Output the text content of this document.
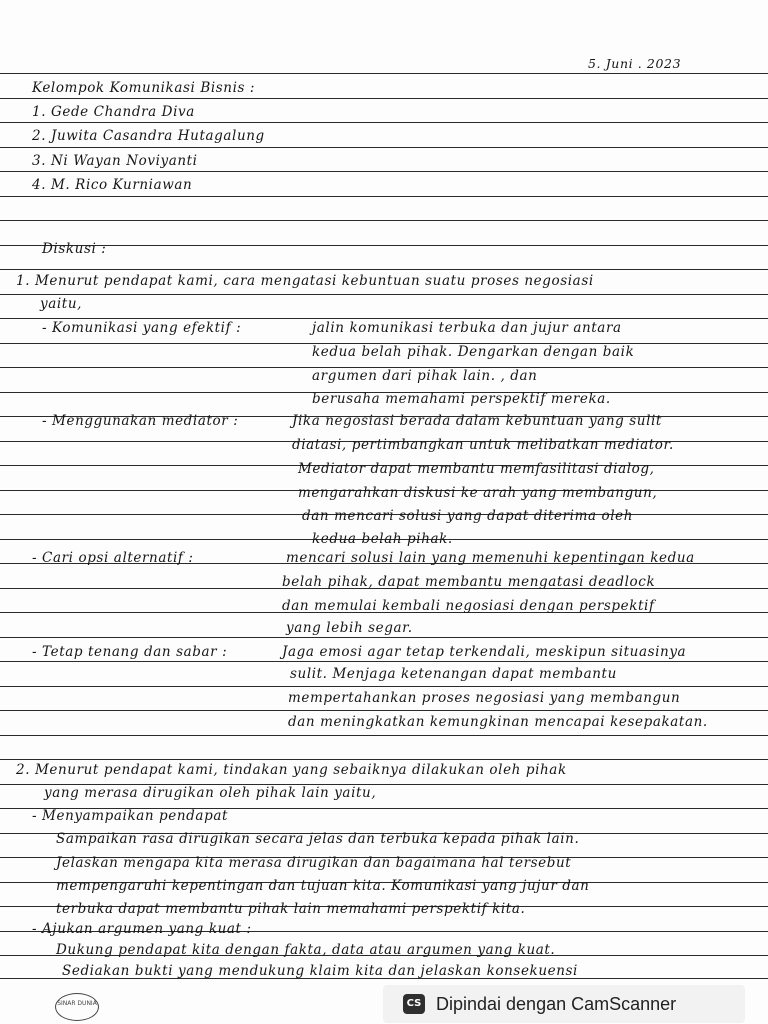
5. Juni . 2023
Kelompok Komunikasi Bisnis :
1. Gede Chandra Diva
2. Juwita Casandra Hutagalung
3. Ni Wayan Noviyanti
4. M. Rico Kurniawan
Diskusi :
1. Menurut pendapat kami, cara mengatasi kebuntuan suatu proses negosiasi
yaitu,
- Komunikasi yang efektif :	jalin komunikasi terbuka dan jujur antara
kedua belah pihak. Dengarkan dengan baik
argumen dari pihak lain. , dan
berusaha memahami perspektif mereka.
- Menggunakan mediator :	Jika negosiasi berada dalam kebuntuan yang sulit
diatasi, pertimbangkan untuk melibatkan mediator.
Mediator dapat membantu memfasilitasi dialog,
mengarahkan diskusi ke arah yang membangun,
dan mencari solusi yang dapat diterima oleh
kedua belah pihak.
- Cari opsi alternatif :	mencari solusi lain yang memenuhi kepentingan kedua
belah pihak, dapat membantu mengatasi deadlock
dan memulai kembali negosiasi dengan perspektif
yang lebih segar.
- Tetap tenang dan sabar :	Jaga emosi agar tetap terkendali, meskipun situasinya
sulit. Menjaga ketenangan dapat membantu
mempertahankan proses negosiasi yang membangun
dan meningkatkan kemungkinan mencapai kesepakatan.
2. Menurut pendapat kami, tindakan yang sebaiknya dilakukan oleh pihak
yang merasa dirugikan oleh pihak lain yaitu,
- Menyampaikan pendapat
Sampaikan rasa dirugikan secara jelas dan terbuka kepada pihak lain.
Jelaskan mengapa kita merasa dirugikan dan bagaimana hal tersebut
mempengaruhi kepentingan dan tujuan kita. Komunikasi yang jujur dan
terbuka dapat membantu pihak lain memahami perspektif kita.
- Ajukan argumen yang kuat :
Dukung pendapat kita dengan fakta, data atau argumen yang kuat.
Sediakan bukti yang mendukung klaim kita dan jelaskan konsekuensi
SINAR DUNIA	CS Dipindai dengan CamScanner
